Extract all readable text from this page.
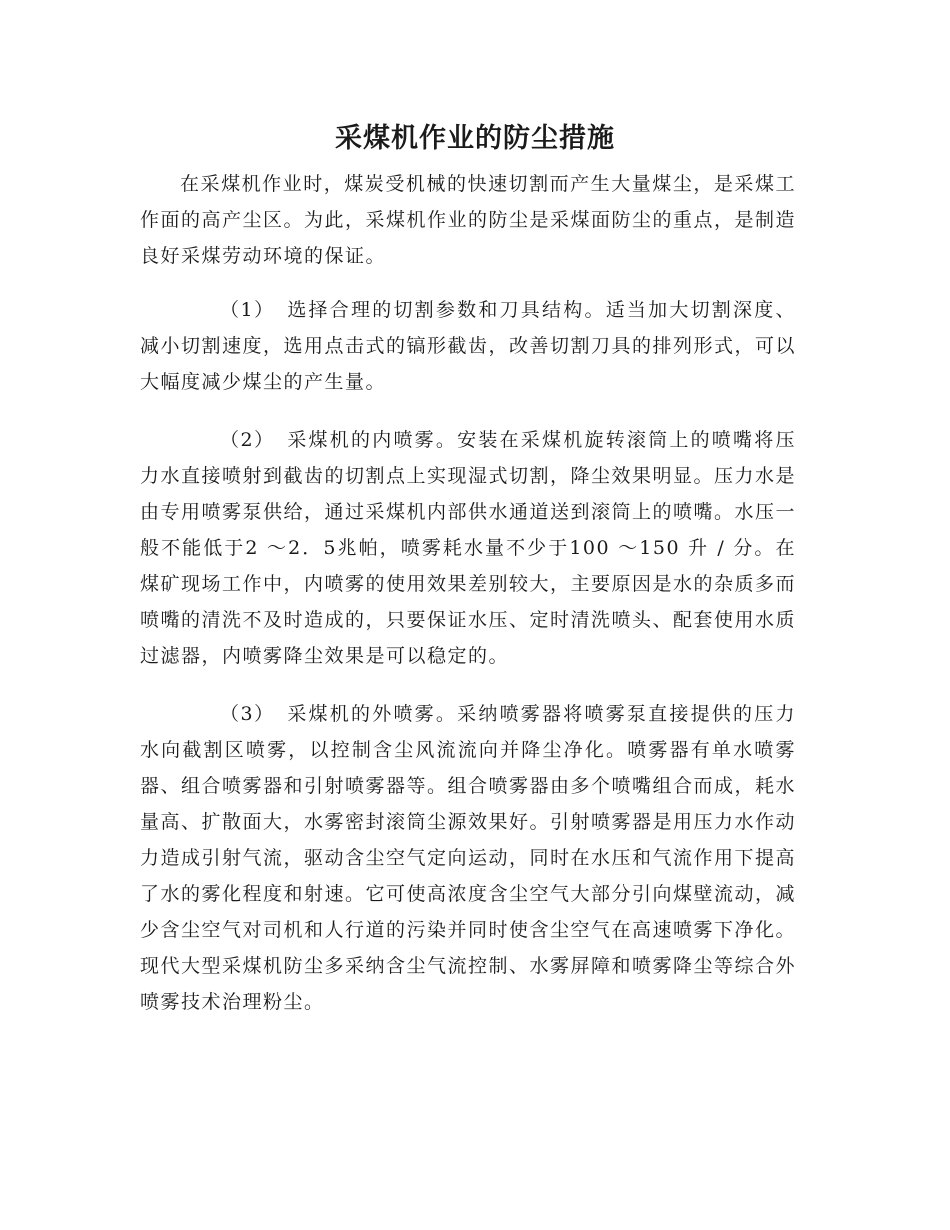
采煤机作业的防尘措施

在采煤机作业时，煤炭受机械的快速切割而产生大量煤尘，是采煤工作面的高产尘区。为此，采煤机作业的防尘是采煤面防尘的重点，是制造良好采煤劳动环境的保证。

（1） 选择合理的切割参数和刀具结构。适当加大切割深度、减小切割速度，选用点击式的镐形截齿，改善切割刀具的排列形式，可以大幅度减少煤尘的产生量。

（2） 采煤机的内喷雾。安装在采煤机旋转滚筒上的喷嘴将压力水直接喷射到截齿的切割点上实现湿式切割，降尘效果明显。压力水是由专用喷雾泵供给，通过采煤机内部供水通道送到滚筒上的喷嘴。水压一般不能低于2 ～2．5兆帕，喷雾耗水量不少于100 ～150 升 / 分。在煤矿现场工作中，内喷雾的使用效果差别较大，主要原因是水的杂质多而喷嘴的清洗不及时造成的，只要保证水压、定时清洗喷头、配套使用水质过滤器，内喷雾降尘效果是可以稳定的。

（3） 采煤机的外喷雾。采纳喷雾器将喷雾泵直接提供的压力水向截割区喷雾，以控制含尘风流流向并降尘净化。喷雾器有单水喷雾器、组合喷雾器和引射喷雾器等。组合喷雾器由多个喷嘴组合而成，耗水量高、扩散面大，水雾密封滚筒尘源效果好。引射喷雾器是用压力水作动力造成引射气流，驱动含尘空气定向运动，同时在水压和气流作用下提高了水的雾化程度和射速。它可使高浓度含尘空气大部分引向煤壁流动，减少含尘空气对司机和人行道的污染并同时使含尘空气在高速喷雾下净化。现代大型采煤机防尘多采纳含尘气流控制、水雾屏障和喷雾降尘等综合外喷雾技术治理粉尘。
